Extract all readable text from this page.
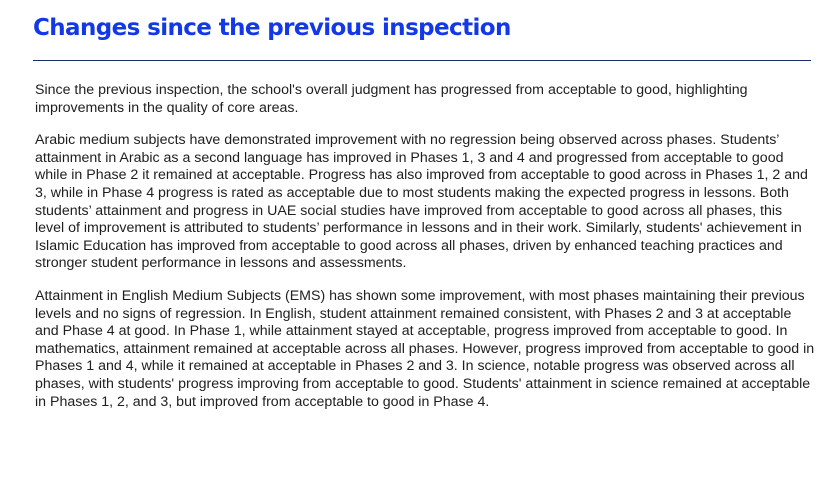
Changes since the previous inspection

Since the previous inspection, the school's overall judgment has progressed from acceptable to good, highlighting improvements in the quality of core areas.

Arabic medium subjects have demonstrated improvement with no regression being observed across phases. Students’ attainment in Arabic as a second language has improved in Phases 1, 3 and 4 and progressed from acceptable to good while in Phase 2 it remained at acceptable. Progress has also improved from acceptable to good across in Phases 1, 2 and 3, while in Phase 4 progress is rated as acceptable due to most students making the expected progress in lessons. Both students’ attainment and progress in UAE social studies have improved from acceptable to good across all phases, this level of improvement is attributed to students’ performance in lessons and in their work. Similarly, students' achievement in Islamic Education has improved from acceptable to good across all phases, driven by enhanced teaching practices and stronger student performance in lessons and assessments.

Attainment in English Medium Subjects (EMS) has shown some improvement, with most phases maintaining their previous levels and no signs of regression. In English, student attainment remained consistent, with Phases 2 and 3 at acceptable and Phase 4 at good. In Phase 1, while attainment stayed at acceptable, progress improved from acceptable to good. In mathematics, attainment remained at acceptable across all phases. However, progress improved from acceptable to good in Phases 1 and 4, while it remained at acceptable in Phases 2 and 3. In science, notable progress was observed across all phases, with students' progress improving from acceptable to good. Students' attainment in science remained at acceptable in Phases 1, 2, and 3, but improved from acceptable to good in Phase 4.
